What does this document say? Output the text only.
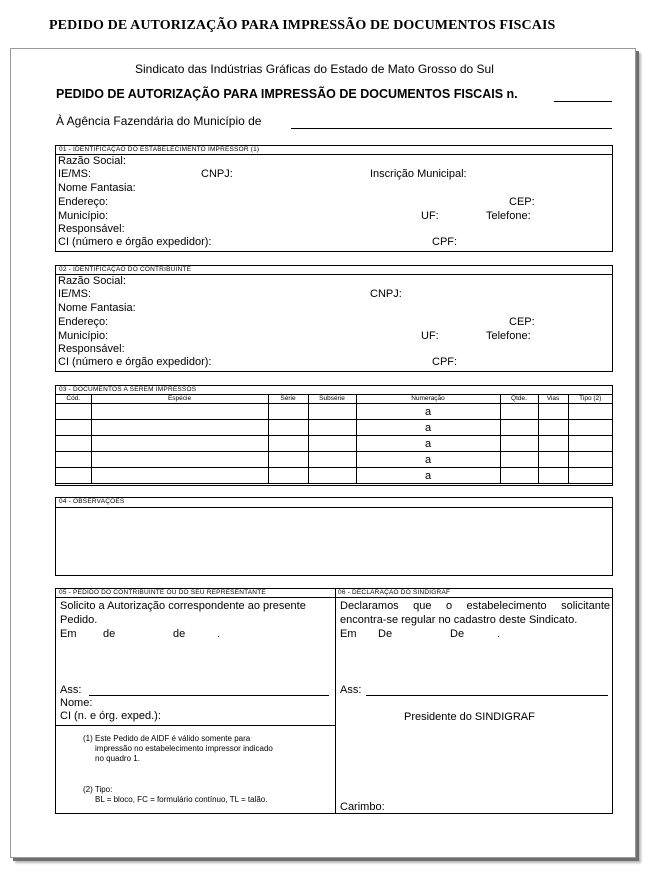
PEDIDO DE AUTORIZAÇÃO PARA IMPRESSÃO DE DOCUMENTOS FISCAIS
Sindicato das Indústrias Gráficas do Estado de Mato Grosso do Sul
PEDIDO DE AUTORIZAÇÃO PARA IMPRESSÃO DE DOCUMENTOS FISCAIS n.
À Agência Fazendária do Município de
01 - IDENTIFICAÇÃO DO ESTABELECIMENTO IMPRESSOR (1)
Razão Social:
IE/MS:	CNPJ:	Inscrição Municipal:
Nome Fantasia:
Endereço:	CEP:
Município:	UF:	Telefone:
Responsável:
CI (número e órgão expedidor):	CPF:
02 - IDENTIFICAÇÃO DO CONTRIBUINTE
Razão Social:
IE/MS:	CNPJ:
Nome Fantasia:
Endereço:	CEP:
Município:	UF:	Telefone:
Responsável:
CI (número e órgão expedidor):	CPF:
03 - DOCUMENTOS A SEREM IMPRESSOS
Cód.	Espécie	Série	Subsérie	Numeração	Qtde.	Vias	Tipo (2)
				a			
				a			
				a			
				a			
				a			
04 - OBSERVAÇÕES
05 - PEDIDO DO CONTRIBUINTE OU DO SEU REPRESENTANTE	06 - DECLARAÇÃO DO SINDIGRAF
Solicito a Autorização correspondente ao presente
Pedido.
Em de	de	.
Ass:
Nome:
CI (n. e órg. exped.):
(1) Este Pedido de AIDF é válido somente para
impressão no estabelecimento impressor indicado
no quadro 1.
(2) Tipo:
BL = bloco, FC = formulário contínuo, TL = talão.
Declaramos que o estabelecimento solicitante
encontra-se regular no cadastro deste Sindicato.
Em De	De	.
Ass:
Presidente do SINDIGRAF
Carimbo:
